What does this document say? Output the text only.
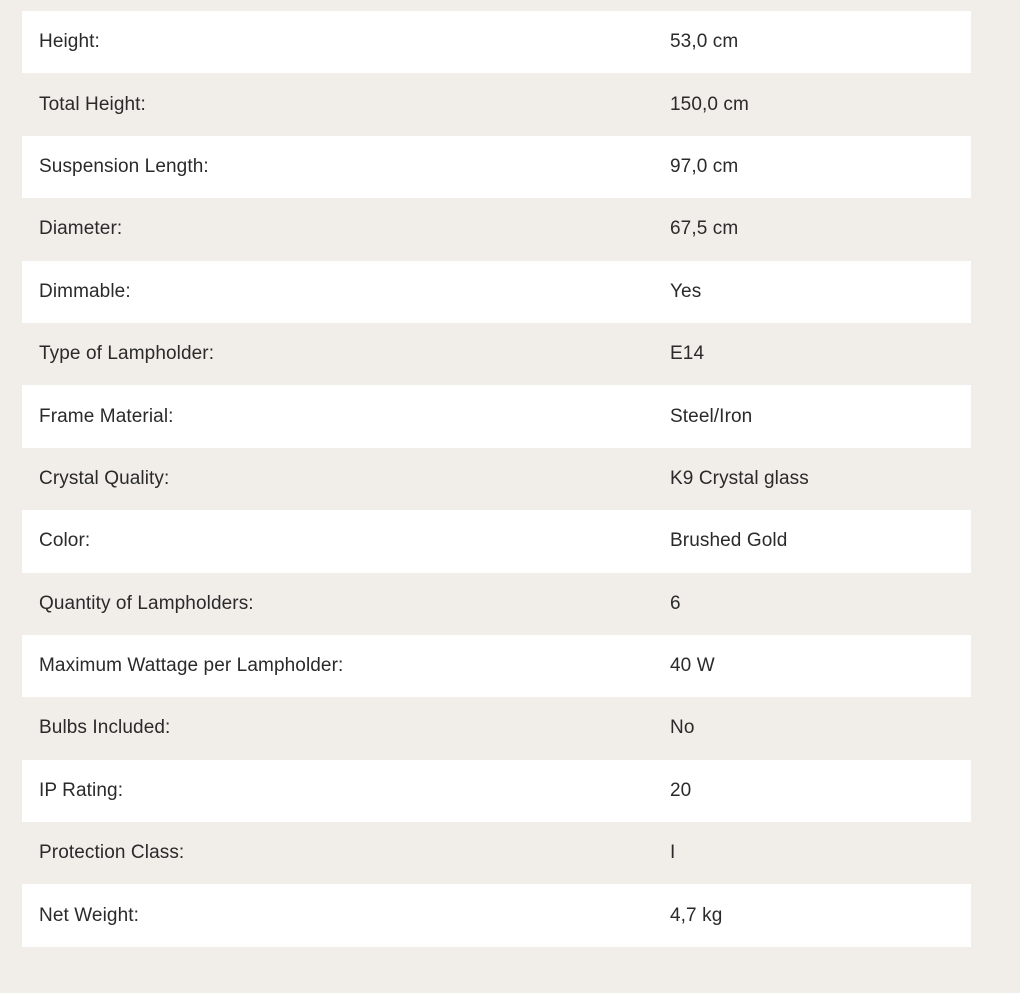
Height:	53,0 cm
Total Height:	150,0 cm
Suspension Length:	97,0 cm
Diameter:	67,5 cm
Dimmable:	Yes
Type of Lampholder:	E14
Frame Material:	Steel/Iron
Crystal Quality:	K9 Crystal glass
Color:	Brushed Gold
Quantity of Lampholders:	6
Maximum Wattage per Lampholder:	40 W
Bulbs Included:	No
IP Rating:	20
Protection Class:	I
Net Weight:	4,7 kg
